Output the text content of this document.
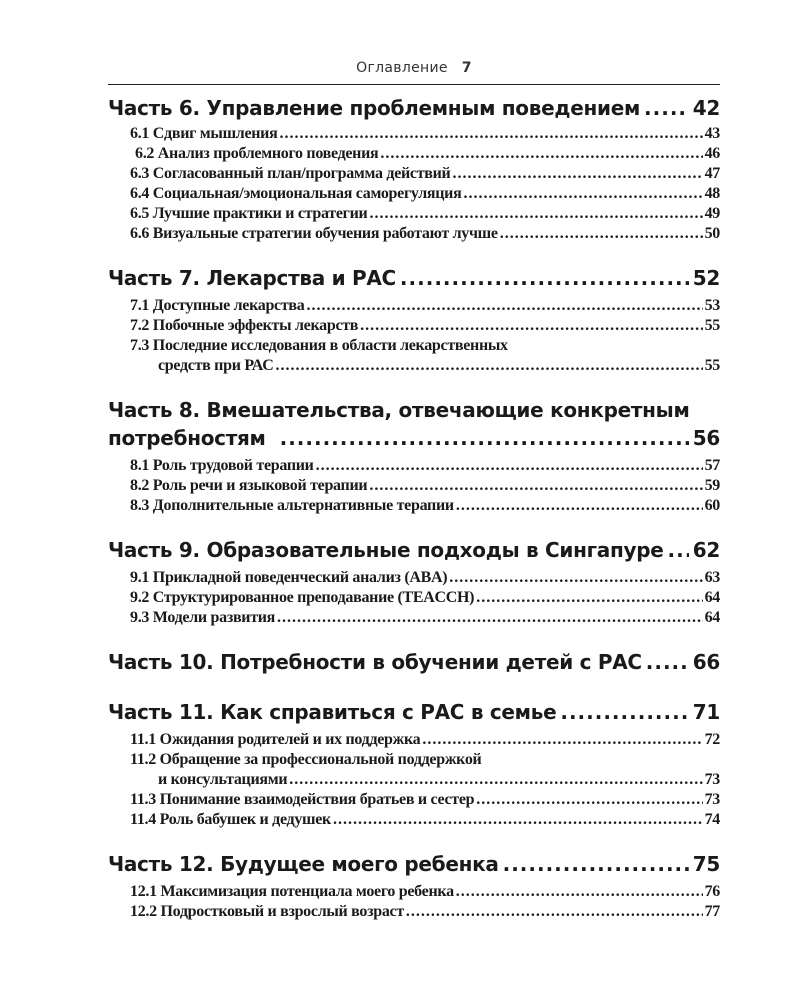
Оглавление 7
Часть 6. Управление проблемным поведением .....	42
6.1 Сдвиг мышления .....	43
6.2 Анализ проблемного поведения .....	46
6.3 Согласованный план/программа действий .....	47
6.4 Социальная/эмоциональная саморегуляция .....	48
6.5 Лучшие практики и стратегии .....	49
6.6 Визуальные стратегии обучения работают лучше .....	50
Часть 7. Лекарства и РАС .....	52
7.1 Доступные лекарства .....	53
7.2 Побочные эффекты лекарств .....	55
7.3 Последние исследования в области лекарственных
средств при РАС .....	55
Часть 8. Вмешательства, отвечающие конкретным
потребностям .....	56
8.1 Роль трудовой терапии .....	57
8.2 Роль речи и языковой терапии .....	59
8.3 Дополнительные альтернативные терапии .....	60
Часть 9. Образовательные подходы в Сингапуре ..... 62
9.1 Прикладной поведенческий анализ (ABA) .....	63
9.2 Структурированное преподавание (TEACCH) .....	64
9.3 Модели развития .....	64
Часть 10. Потребности в обучении детей с РАС .....	66
Часть 11. Как справиться с РАС в семье .....	71
11.1 Ожидания родителей и их поддержка .....	72
11.2 Обращение за профессиональной поддержкой
и консультациями .....	73
11.3 Понимание взаимодействия братьев и сестер .....	73
11.4 Роль бабушек и дедушек .....	74
Часть 12. Будущее моего ребенка .....	75
12.1 Максимизация потенциала моего ребенка .....	76
12.2 Подростковый и взрослый возраст .....	77
